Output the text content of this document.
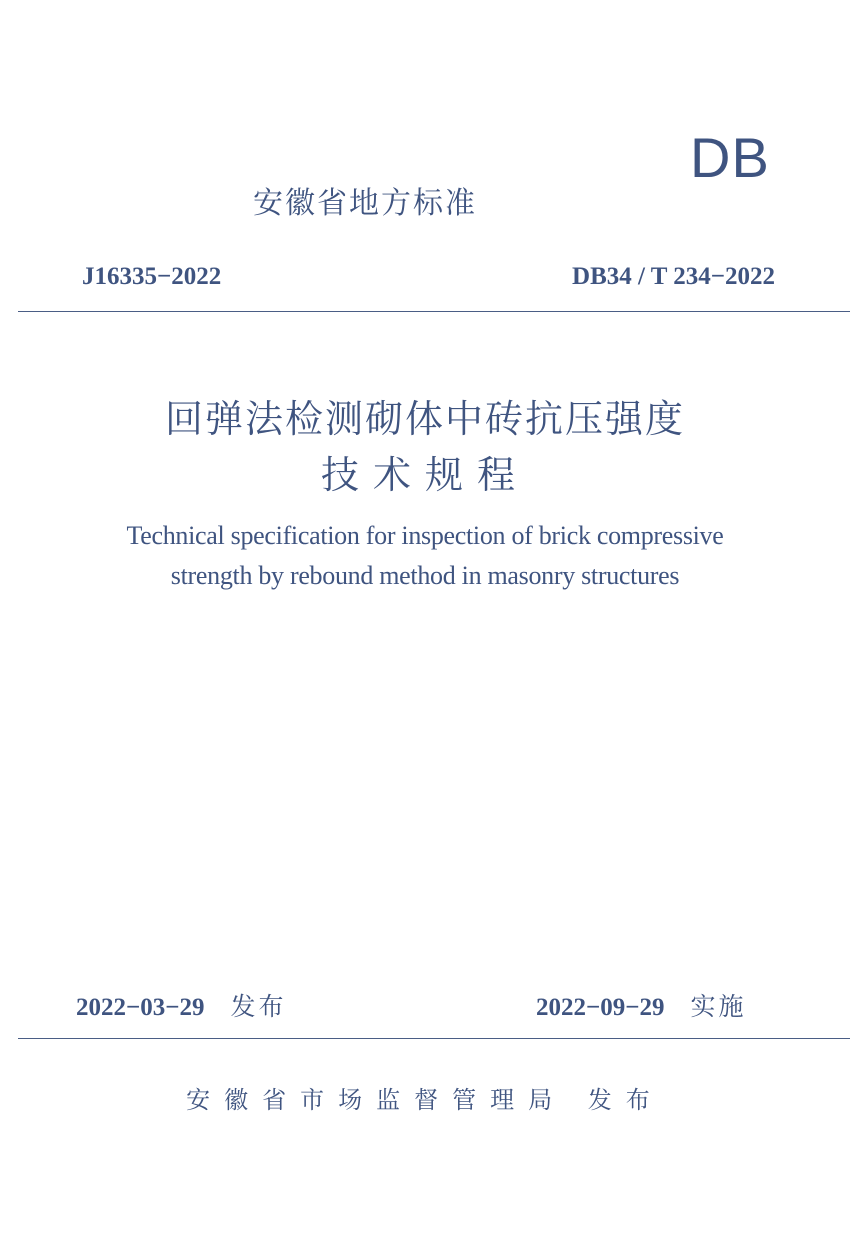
DB
安徽省地方标准
J16335−2022	DB34 / T 234−2022
回弹法检测砌体中砖抗压强度
技术规程
Technical specification for inspection of brick compressive
strength by rebound method in masonry structures
2022−03−29 发布	2022−09−29 实施
安徽省市场监督管理局 发布
